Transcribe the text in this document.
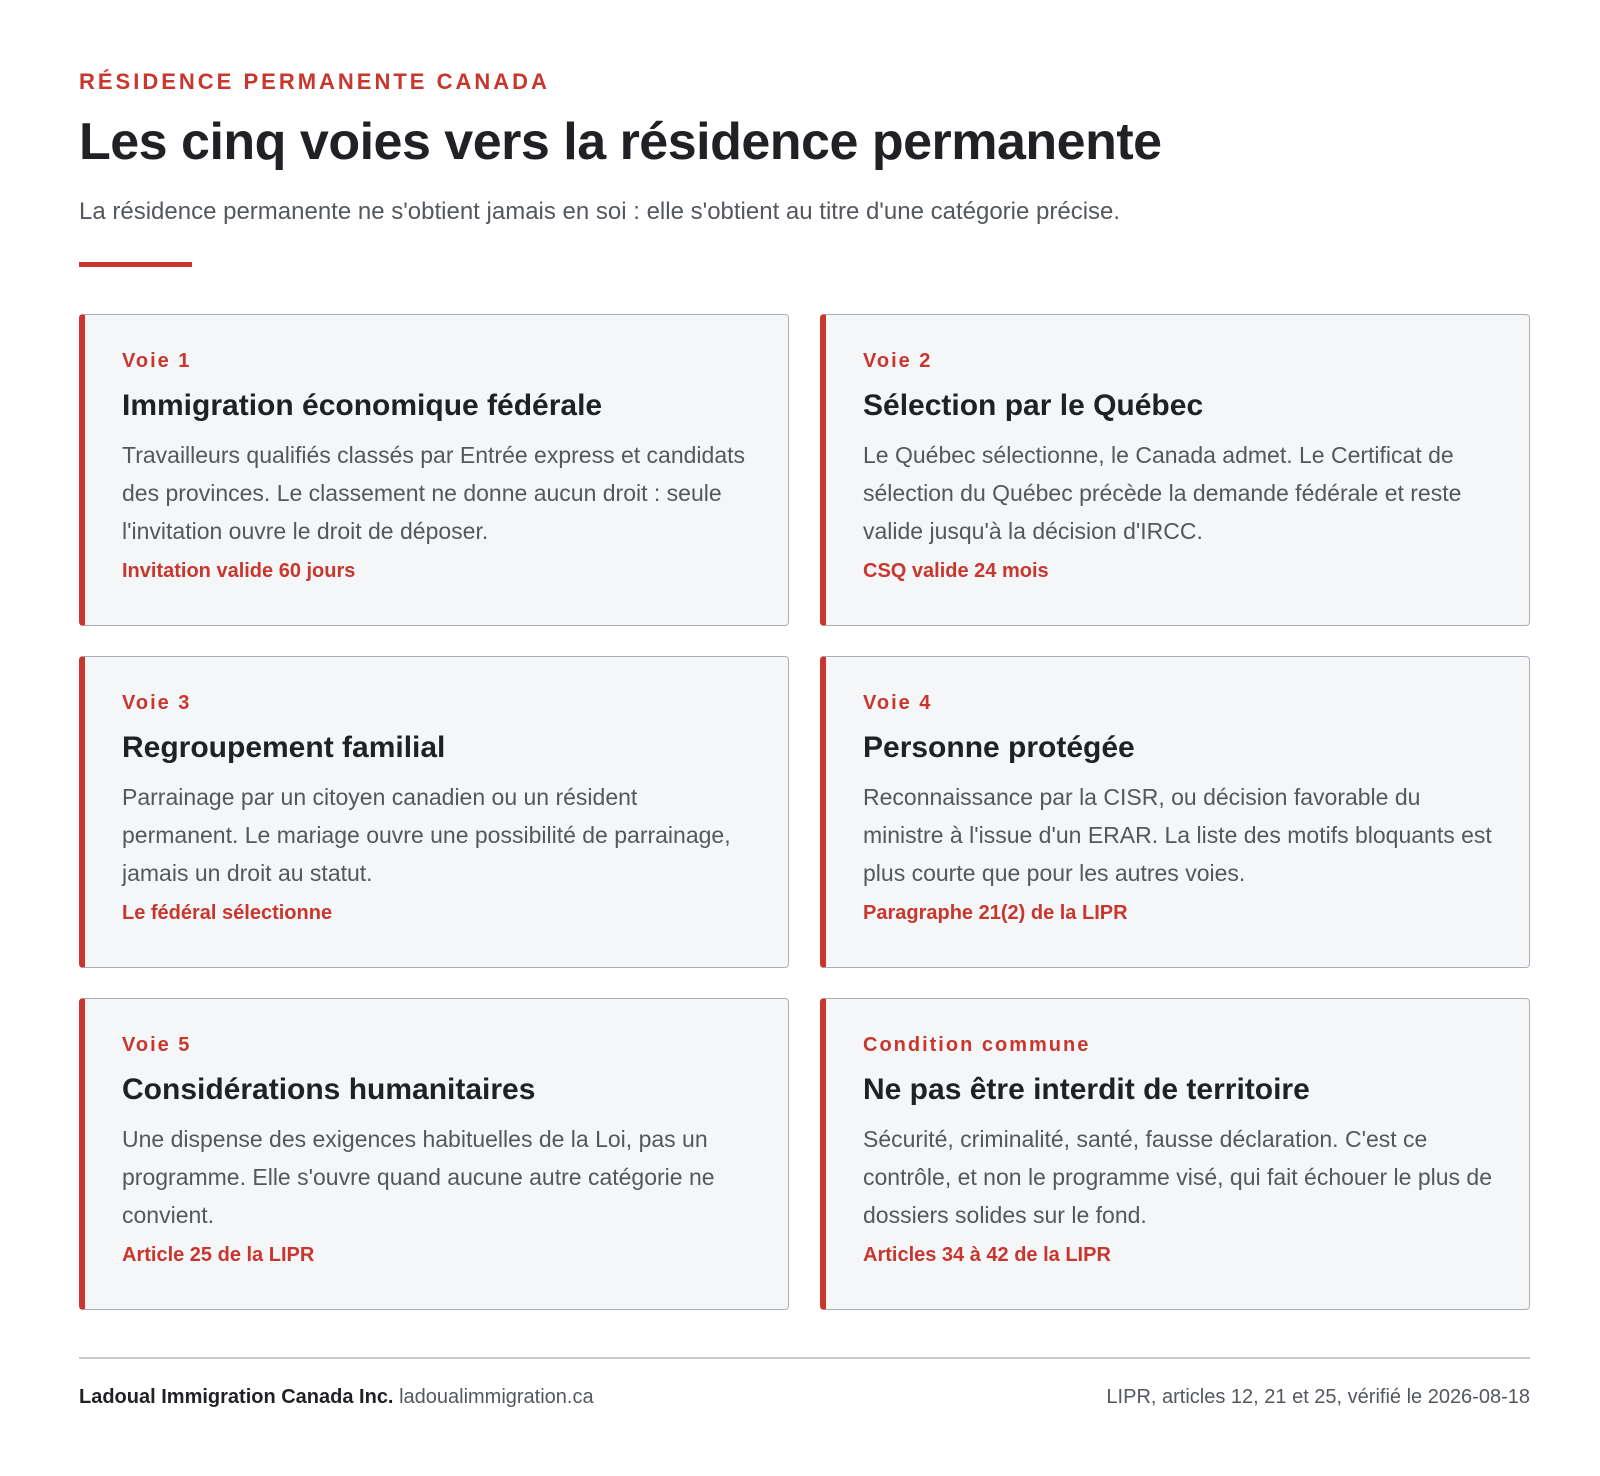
RÉSIDENCE PERMANENTE CANADA
Les cinq voies vers la résidence permanente
La résidence permanente ne s'obtient jamais en soi : elle s'obtient au titre d'une catégorie précise.
Voie 1
Immigration économique fédérale
Travailleurs qualifiés classés par Entrée express et candidats des provinces. Le classement ne donne aucun droit : seule l'invitation ouvre le droit de déposer.
Invitation valide 60 jours
Voie 2
Sélection par le Québec
Le Québec sélectionne, le Canada admet. Le Certificat de sélection du Québec précède la demande fédérale et reste valide jusqu'à la décision d'IRCC.
CSQ valide 24 mois
Voie 3
Regroupement familial
Parrainage par un citoyen canadien ou un résident permanent. Le mariage ouvre une possibilité de parrainage, jamais un droit au statut.
Le fédéral sélectionne
Voie 4
Personne protégée
Reconnaissance par la CISR, ou décision favorable du ministre à l'issue d'un ERAR. La liste des motifs bloquants est plus courte que pour les autres voies.
Paragraphe 21(2) de la LIPR
Voie 5
Considérations humanitaires
Une dispense des exigences habituelles de la Loi, pas un programme. Elle s'ouvre quand aucune autre catégorie ne convient.
Article 25 de la LIPR
Condition commune
Ne pas être interdit de territoire
Sécurité, criminalité, santé, fausse déclaration. C'est ce contrôle, et non le programme visé, qui fait échouer le plus de dossiers solides sur le fond.
Articles 34 à 42 de la LIPR
Ladoual Immigration Canada Inc. ladoualimmigration.ca	LIPR, articles 12, 21 et 25, vérifié le 2026-08-18
